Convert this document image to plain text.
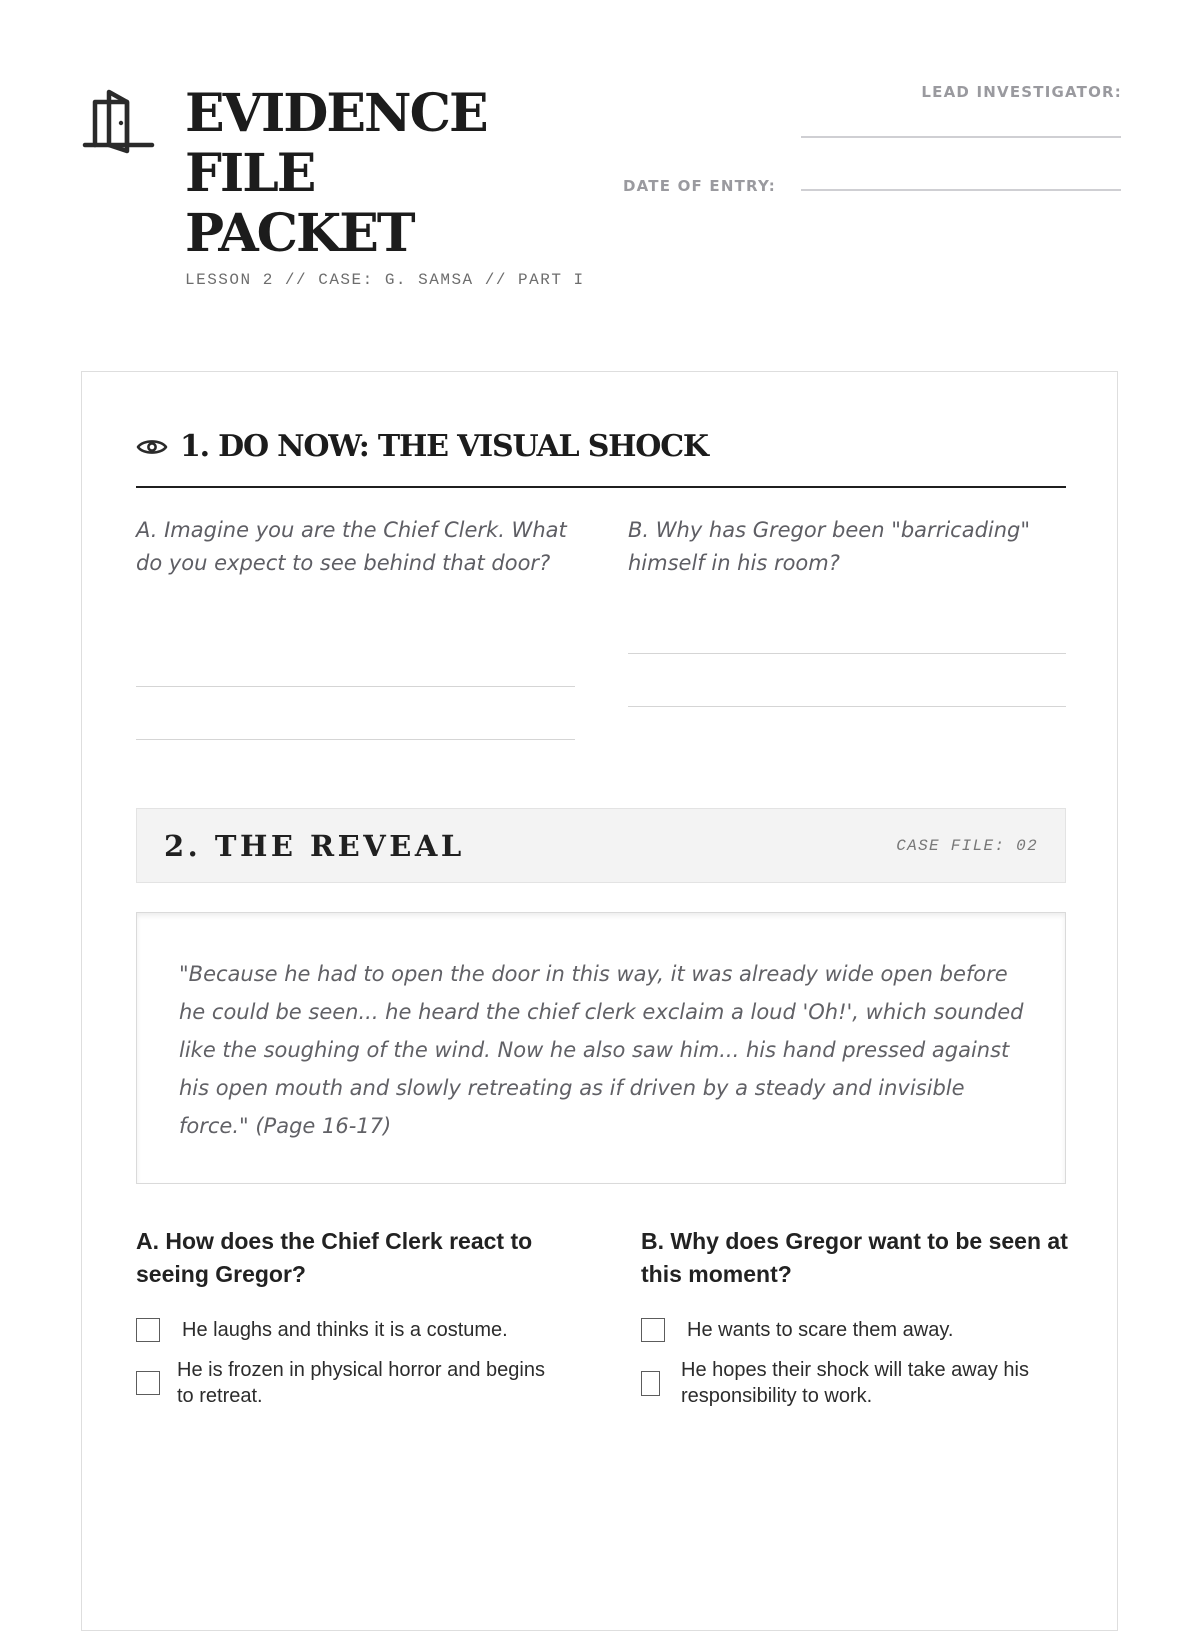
EVIDENCE
FILE
PACKET
LESSON 2 // CASE: G. SAMSA // PART I
LEAD INVESTIGATOR:
DATE OF ENTRY:
1. DO NOW: THE VISUAL SHOCK

A. Imagine you are the Chief Clerk. What do you expect to see behind that door?

B. Why has Gregor been "barricading" himself in his room?

2. THE REVEAL	CASE FILE: 02

"Because he had to open the door in this way, it was already wide open before he could be seen... he heard the chief clerk exclaim a loud 'Oh!', which sounded like the soughing of the wind. Now he also saw him... his hand pressed against his open mouth and slowly retreating as if driven by a steady and invisible force." (Page 16-17)

A. How does the Chief Clerk react to seeing Gregor?

B. Why does Gregor want to be seen at this moment?

He laughs and thinks it is a costume.
He is frozen in physical horror and begins to retreat.
He wants to scare them away.
He hopes their shock will take away his responsibility to work.
